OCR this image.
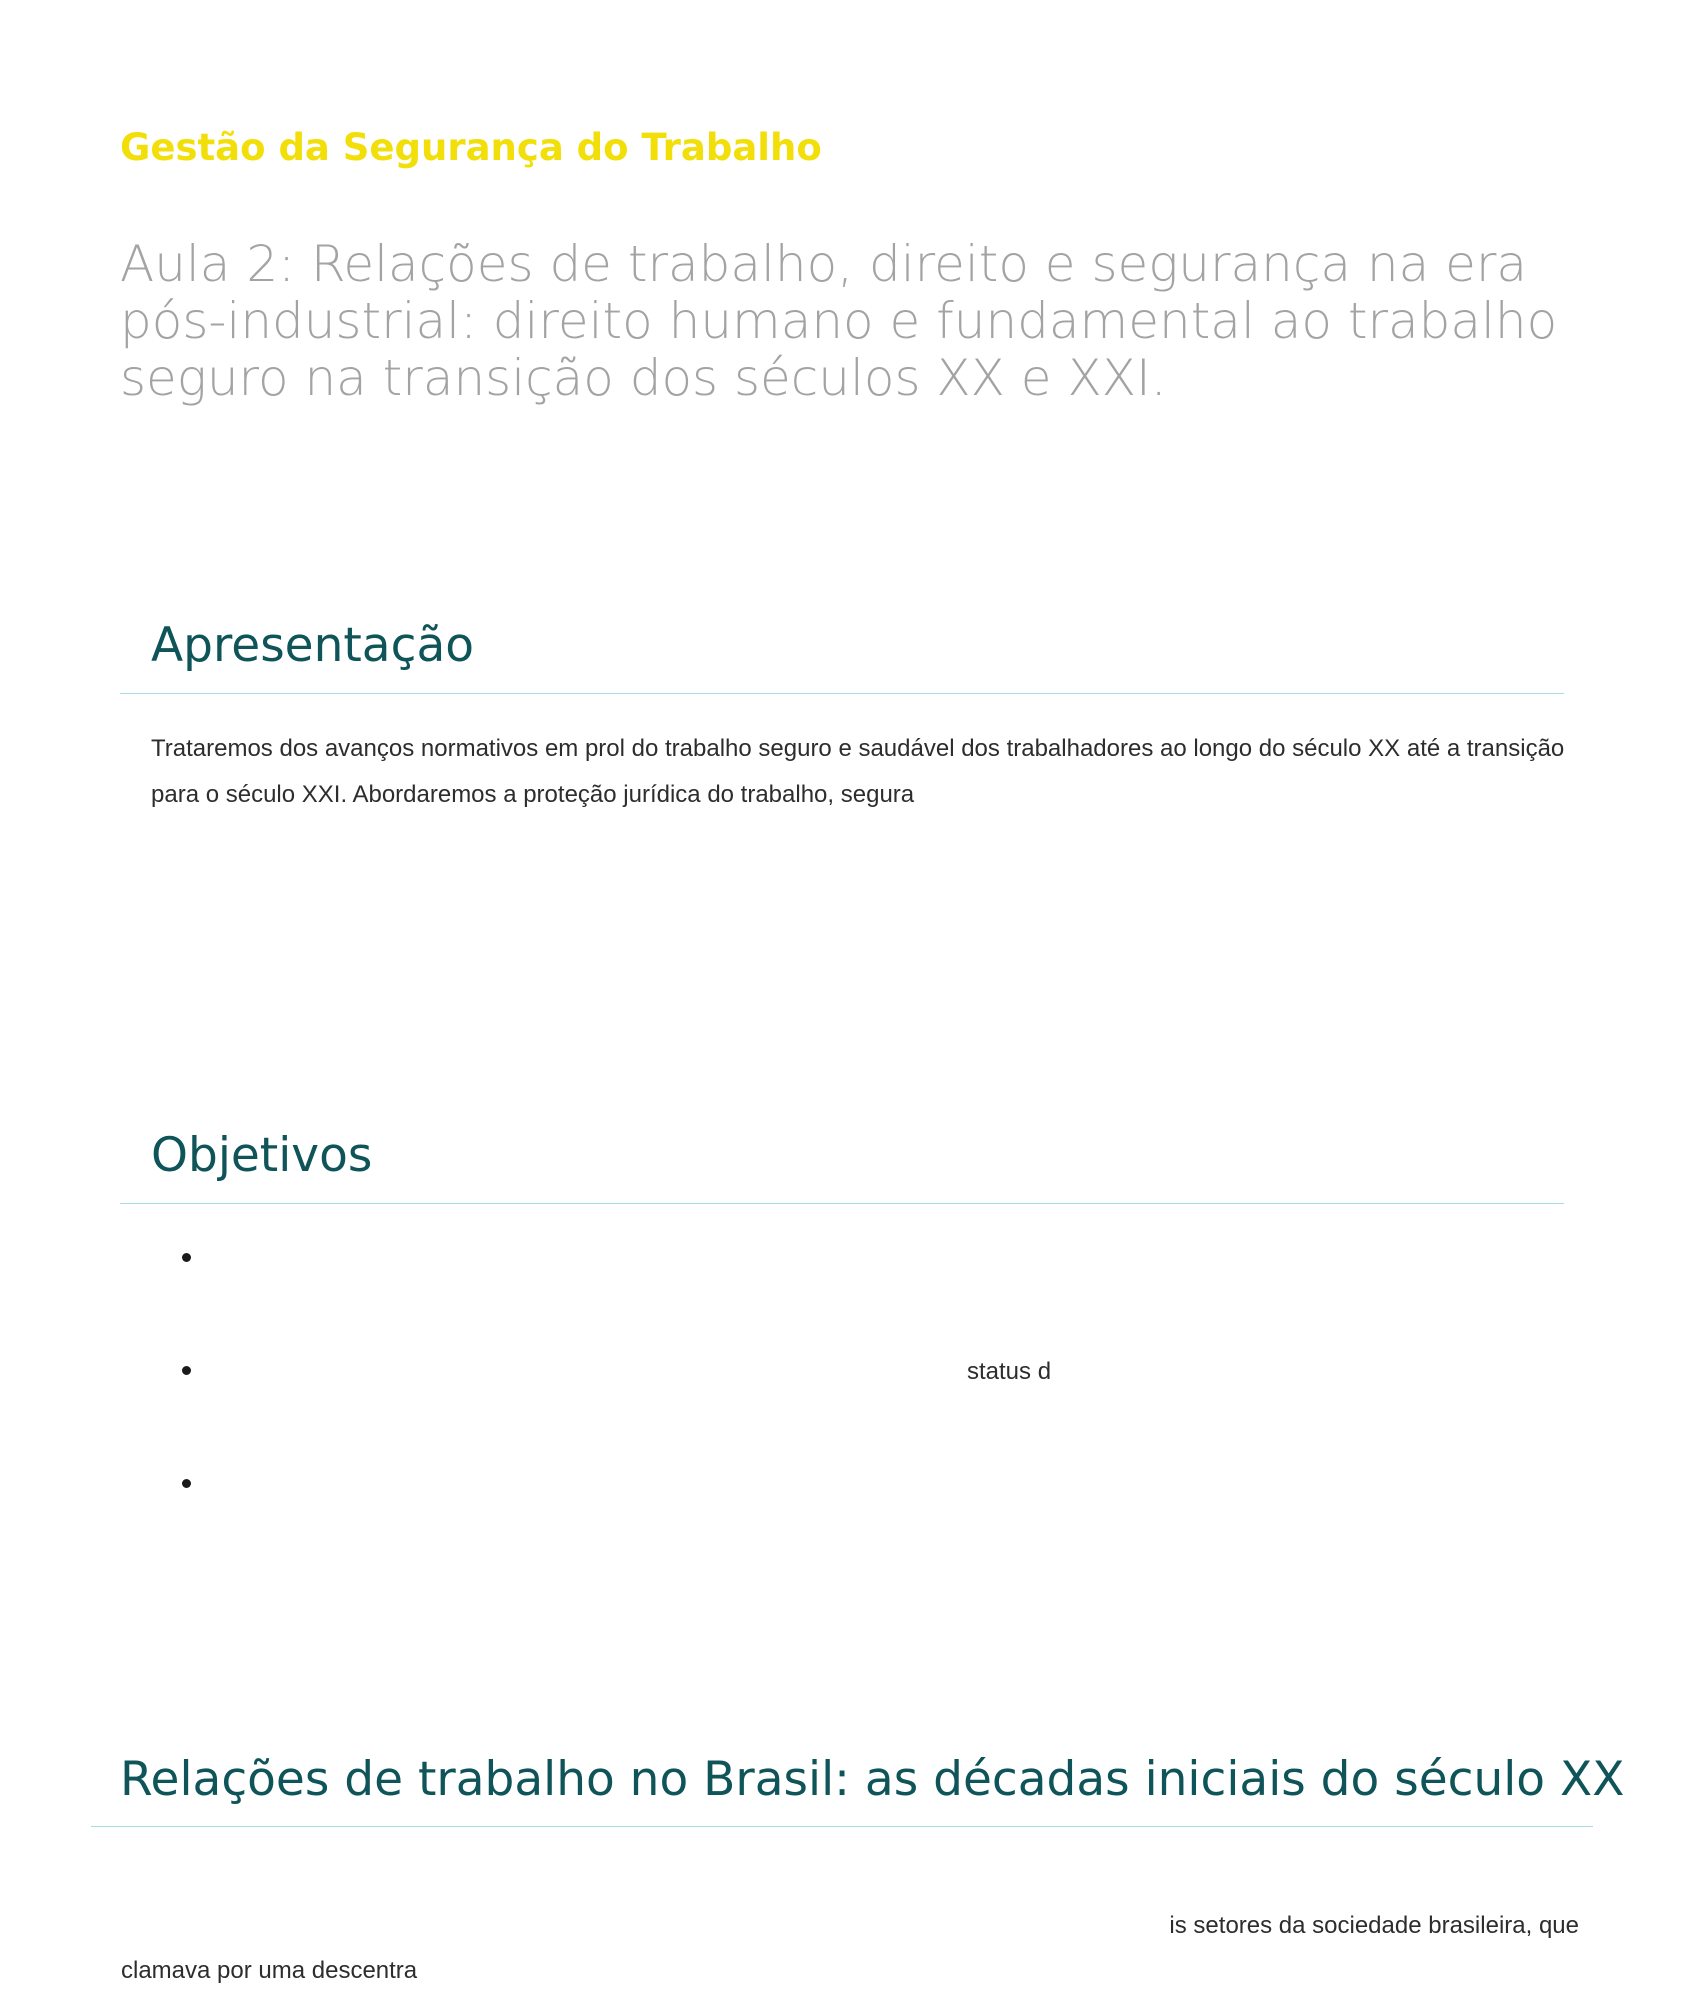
Gestão da Segurança do Trabalho
Aula 2: Relações de trabalho, direito e segurança na era pós-industrial: direito humano e fundamental ao trabalho seguro na transição dos séculos XX e XXI.
Apresentação

Trataremos dos avanços normativos em prol do trabalho seguro e saudável dos trabalhadores ao longo do século XX até a transição para o século XXI. Abordaremos a proteção jurídica do trabalho, segura

Objetivos
status d
Relações de trabalho no Brasil: as décadas iniciais do século XX

is setores da sociedade brasileira, que

clamava por uma descentra
